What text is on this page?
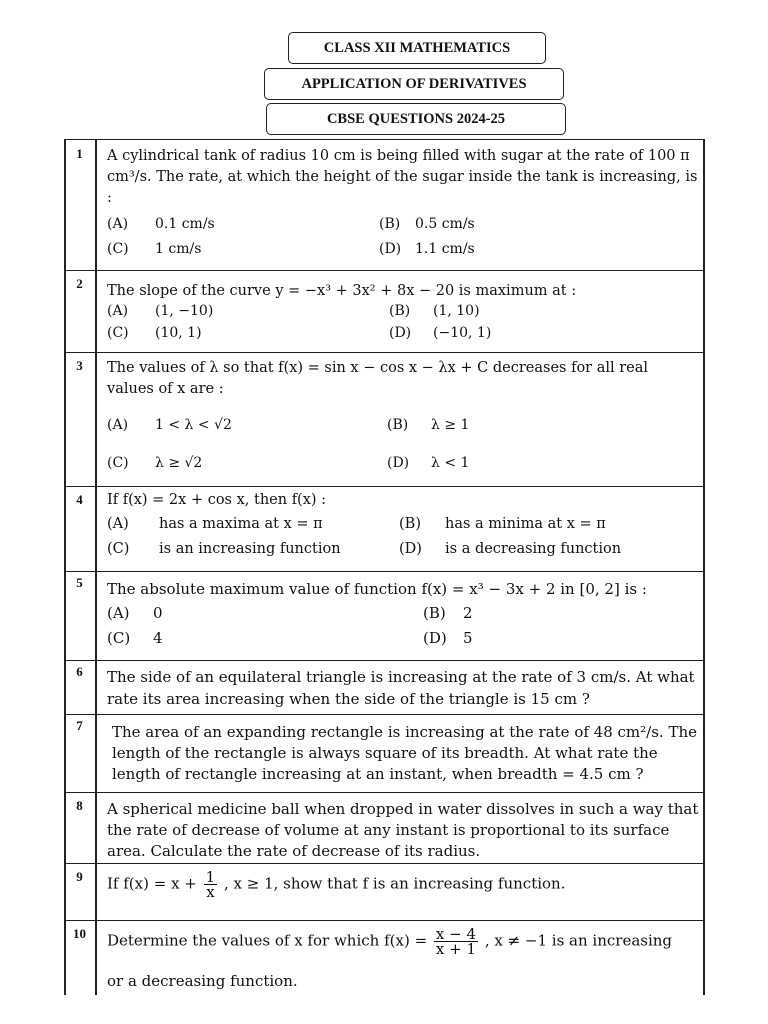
CLASS XII MATHEMATICS
APPLICATION OF DERIVATIVES
CBSE QUESTIONS 2024-25
1	A cylindrical tank of radius 10 cm is being filled with sugar at the rate of 100 π cm³/s. The rate, at which the height of the sugar inside the tank is increasing, is :
(A) 0.1 cm/s	(B) 0.5 cm/s
(C) 1 cm/s	(D) 1.1 cm/s
2	The slope of the curve y = −x³ + 3x² + 8x − 20 is maximum at :
(A) (1, −10)	(B) (1, 10)
(C) (10, 1)	(D) (−10, 1)
3	The values of λ so that f(x) = sin x − cos x − λx + C decreases for all real values of x are :
(A) 1 < λ < √2	(B) λ ≥ 1
(C) λ ≥ √2	(D) λ < 1
4	If f(x) = 2x + cos x, then f(x) :
(A) has a maxima at x = π	(B) has a minima at x = π
(C) is an increasing function	(D) is a decreasing function
5	The absolute maximum value of function f(x) = x³ − 3x + 2 in [0, 2] is :
(A) 0	(B) 2
(C) 4	(D) 5
6	The side of an equilateral triangle is increasing at the rate of 3 cm/s. At what rate its area increasing when the side of the triangle is 15 cm ?
7	The area of an expanding rectangle is increasing at the rate of 48 cm²/s. The length of the rectangle is always square of its breadth. At what rate the length of rectangle increasing at an instant, when breadth = 4.5 cm ?
8	A spherical medicine ball when dropped in water dissolves in such a way that the rate of decrease of volume at any instant is proportional to its surface area. Calculate the rate of decrease of its radius.
9	If $f(x) = x + \frac{1}{x}$ , x ≥ 1, show that f is an increasing function.
10	Determine the values of x for which $f(x) = \frac{x - 4}{x + 1}$ , x ≠ −1 is an increasing
or a decreasing function.
